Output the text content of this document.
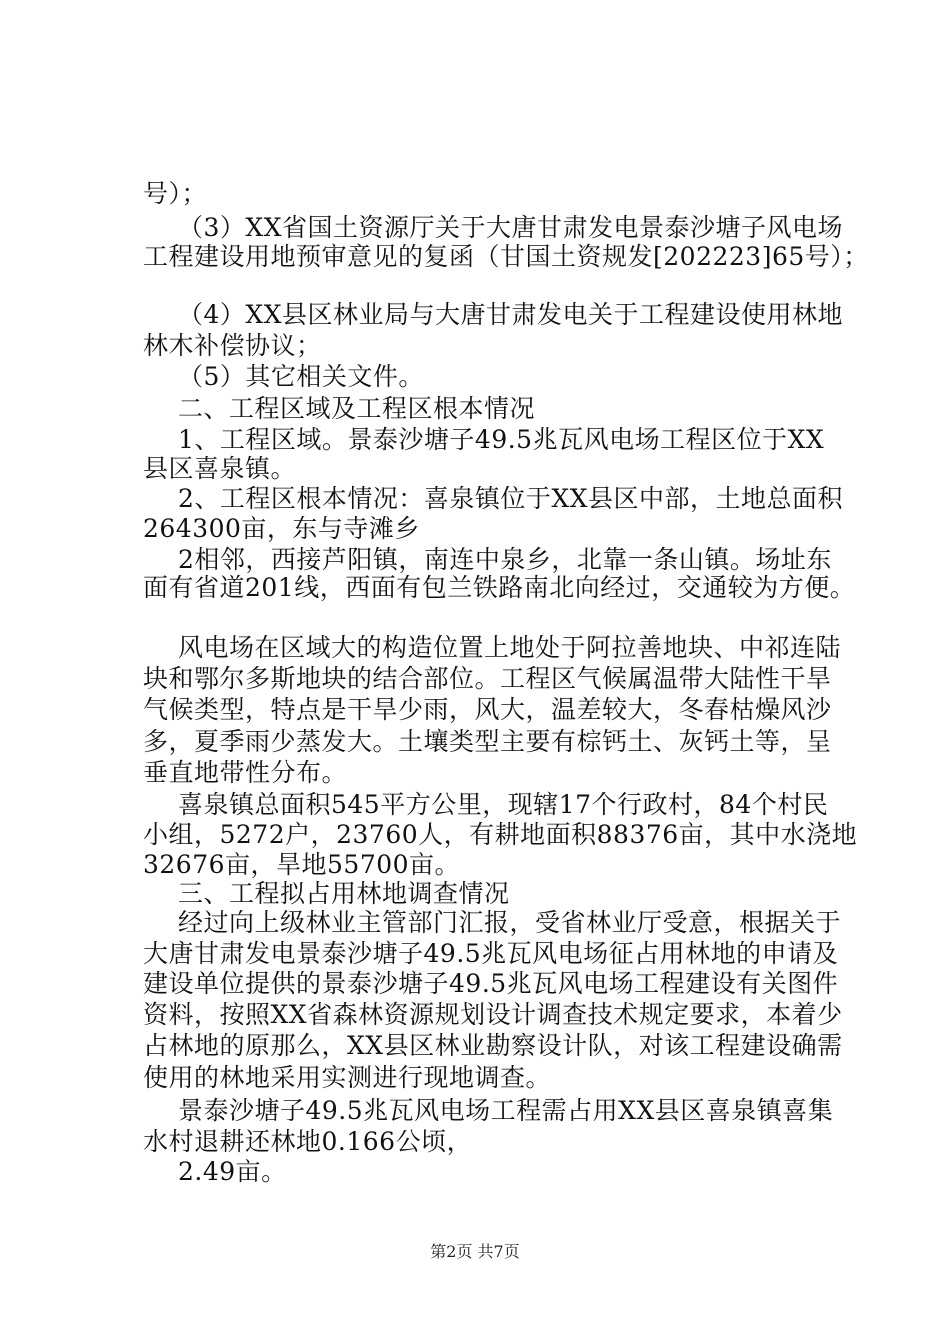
号）；
（3）XX省国土资源厅关于大唐甘肃发电景泰沙塘子风电场
工程建设用地预审意见的复函（甘国土资规发[202223]65号）；
（4）XX县区林业局与大唐甘肃发电关于工程建设使用林地
林木补偿协议；
（5）其它相关文件。
二、工程区域及工程区根本情况
1、工程区域。景泰沙塘子49.5兆瓦风电场工程区位于XX
县区喜泉镇。
2、工程区根本情况：喜泉镇位于XX县区中部，土地总面积
264300亩，东与寺滩乡
2相邻，西接芦阳镇，南连中泉乡，北靠一条山镇。场址东
面有省道201线，西面有包兰铁路南北向经过，交通较为方便。
风电场在区域大的构造位置上地处于阿拉善地块、中祁连陆
块和鄂尔多斯地块的结合部位。工程区气候属温带大陆性干旱
气候类型，特点是干旱少雨，风大，温差较大，冬春枯燥风沙
多，夏季雨少蒸发大。土壤类型主要有棕钙土、灰钙土等，呈
垂直地带性分布。
喜泉镇总面积545平方公里，现辖17个行政村，84个村民
小组，5272户，23760人，有耕地面积88376亩，其中水浇地
32676亩，旱地55700亩。
三、工程拟占用林地调查情况
经过向上级林业主管部门汇报，受省林业厅受意，根据关于
大唐甘肃发电景泰沙塘子49.5兆瓦风电场征占用林地的申请及
建设单位提供的景泰沙塘子49.5兆瓦风电场工程建设有关图件
资料，按照XX省森林资源规划设计调查技术规定要求，本着少
占林地的原那么，XX县区林业勘察设计队，对该工程建设确需
使用的林地采用实测进行现地调查。
景泰沙塘子49.5兆瓦风电场工程需占用XX县区喜泉镇喜集
水村退耕还林地0.166公顷，
2.49亩。
第2页 共7页
